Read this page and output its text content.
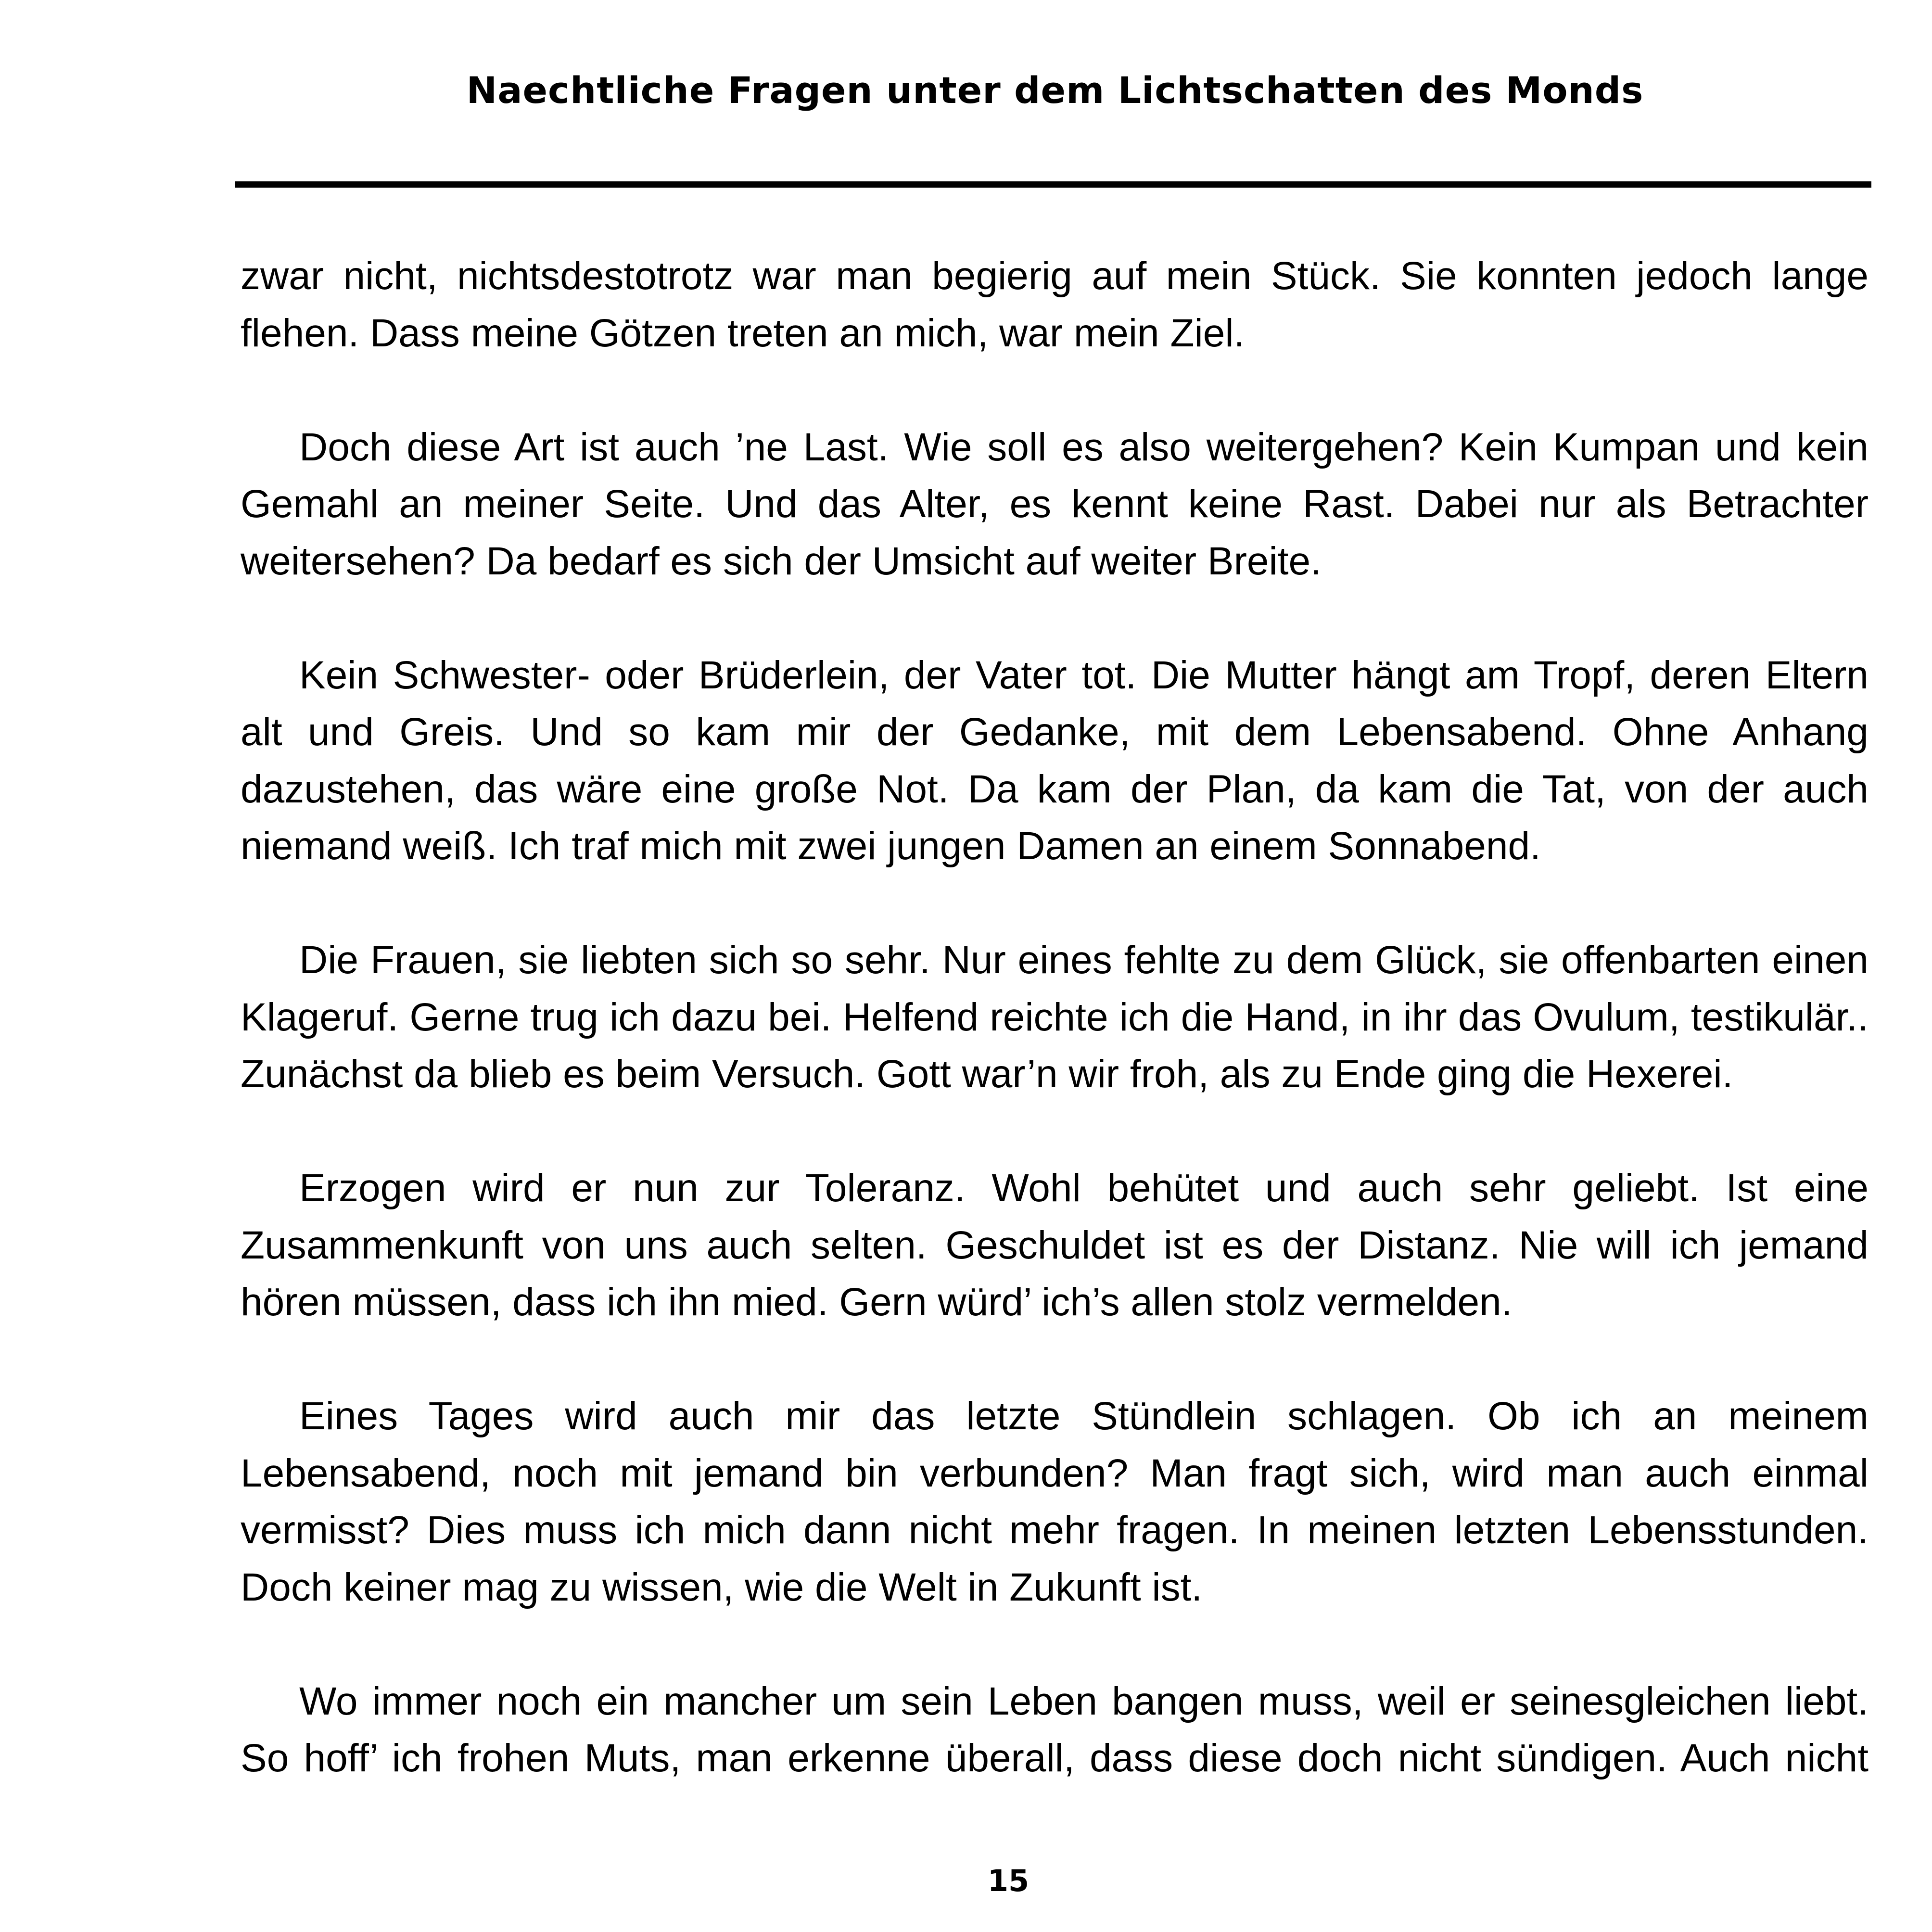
Naechtliche Fragen unter dem Lichtschatten des Monds

zwar nicht, nichtsdestotrotz war man begierig auf mein Stück. Sie konnten jedoch lange flehen. Dass meine Götzen treten an mich, war mein Ziel.

Doch diese Art ist auch ’ne Last. Wie soll es also weitergehen? Kein Kumpan und kein Gemahl an meiner Seite. Und das Alter, es kennt keine Rast. Dabei nur als Betrachter weitersehen? Da bedarf es sich der Umsicht auf weiter Breite.

Kein Schwester- oder Brüderlein, der Vater tot. Die Mutter hängt am Tropf, deren Eltern alt und Greis. Und so kam mir der Gedanke, mit dem Lebensabend. Ohne Anhang dazustehen, das wäre eine große Not. Da kam der Plan, da kam die Tat, von der auch niemand weiß. Ich traf mich mit zwei jungen Damen an einem Sonnabend.

Die Frauen, sie liebten sich so sehr. Nur eines fehlte zu dem Glück, sie offenbarten einen Klageruf. Gerne trug ich dazu bei. Helfend reichte ich die Hand, in ihr das Ovulum, testikulär.. Zunächst da blieb es beim Versuch. Gott war’n wir froh, als zu Ende ging die Hexerei.

Erzogen wird er nun zur Toleranz. Wohl behütet und auch sehr geliebt. Ist eine Zusammenkunft von uns auch selten. Geschuldet ist es der Distanz. Nie will ich jemand hören müssen, dass ich ihn mied. Gern würd’ ich’s allen stolz vermelden.

Eines Tages wird auch mir das letzte Stündlein schlagen. Ob ich an meinem Lebensabend, noch mit jemand bin verbunden? Man fragt sich, wird man auch einmal vermisst? Dies muss ich mich dann nicht mehr fragen. In meinen letzten Lebensstunden. Doch keiner mag zu wissen, wie die Welt in Zukunft ist.

Wo immer noch ein mancher um sein Leben bangen muss, weil er seinesgleichen liebt. So hoff’ ich frohen Muts, man erkenne überall, dass diese doch nicht sündigen. Auch nicht

15
